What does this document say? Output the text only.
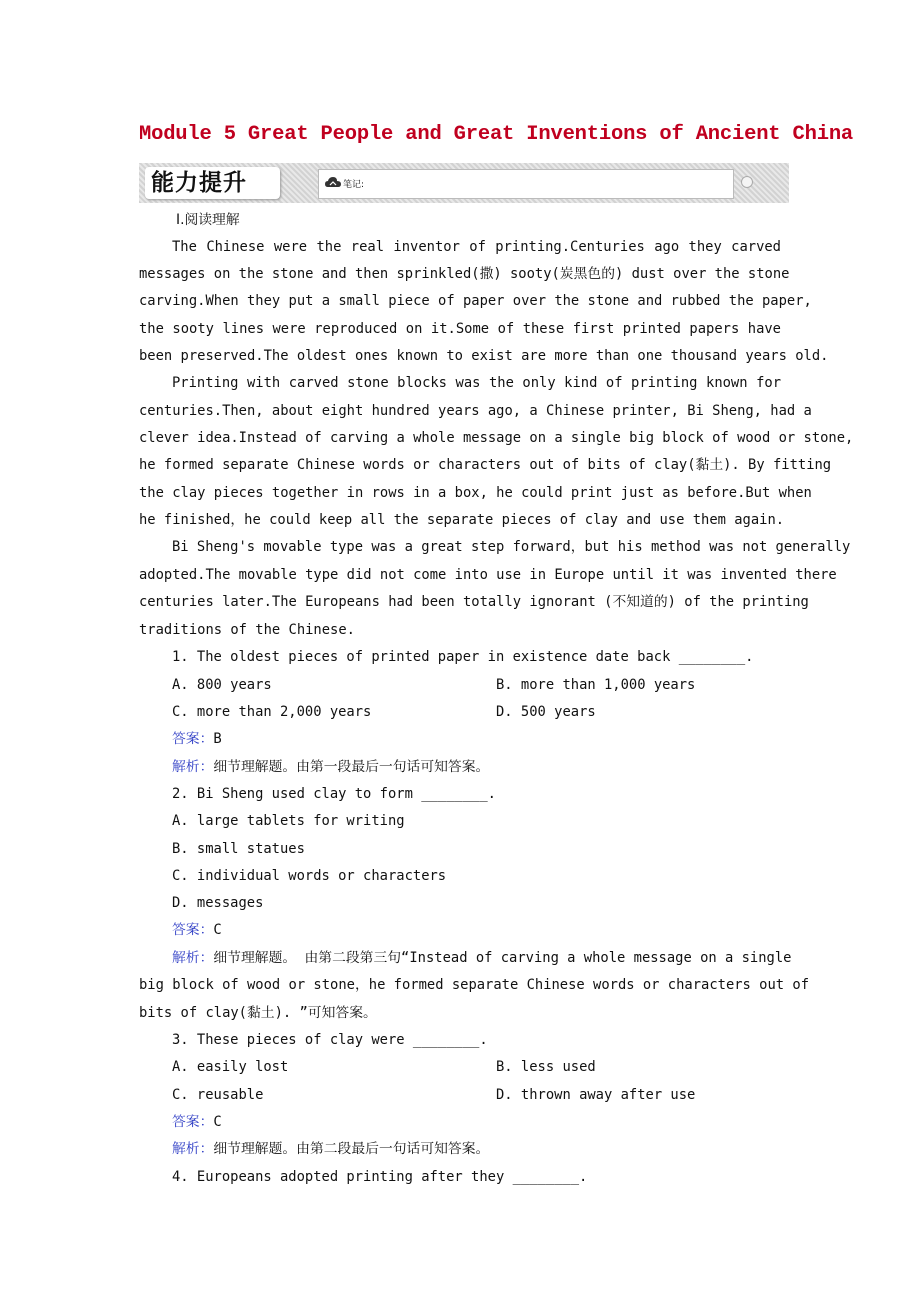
Module 5 Great People and Great Inventions of Ancient China
能力提升	笔记:
Ⅰ.阅读理解
The Chinese were the real inventor of printing.Centuries ago they carved
messages on the stone and then sprinkled(撒) sooty(炭黑色的) dust over the stone
carving.When they put a small piece of paper over the stone and rubbed the paper,
the sooty lines were reproduced on it.Some of these first printed papers have
been preserved.The oldest ones known to exist are more than one thousand years old.
Printing with carved stone blocks was the only kind of printing known for
centuries.Then, about eight hundred years ago, a Chinese printer, Bi Sheng, had a
clever idea.Instead of carving a whole message on a single big block of wood or stone,
he formed separate Chinese words or characters out of bits of clay(黏土). By fitting
the clay pieces together in rows in a box, he could print just as before.But when
he finished，he could keep all the separate pieces of clay and use them again.
Bi Sheng's movable type was a great step forward，but his method was not generally
adopted.The movable type did not come into use in Europe until it was invented there
centuries later.The Europeans had been totally ignorant (不知道的) of the printing
traditions of the Chinese.
1. The oldest pieces of printed paper in existence date back ________.
A. 800 years	B. more than 1,000 years
C. more than 2,000 years	D. 500 years
答案：B
解析：细节理解题。由第一段最后一句话可知答案。
2. Bi Sheng used clay to form ________.
A. large tablets for writing
B. small statues
C. individual words or characters
D. messages
答案：C
解析：细节理解题。 由第二段第三句“Instead of carving a whole message on a single
big block of wood or stone，he formed separate Chinese words or characters out of
bits of clay(黏土). ”可知答案。
3. These pieces of clay were ________.
A. easily lost	B. less used
C. reusable	D. thrown away after use
答案：C
解析：细节理解题。由第二段最后一句话可知答案。
4. Europeans adopted printing after they ________.
